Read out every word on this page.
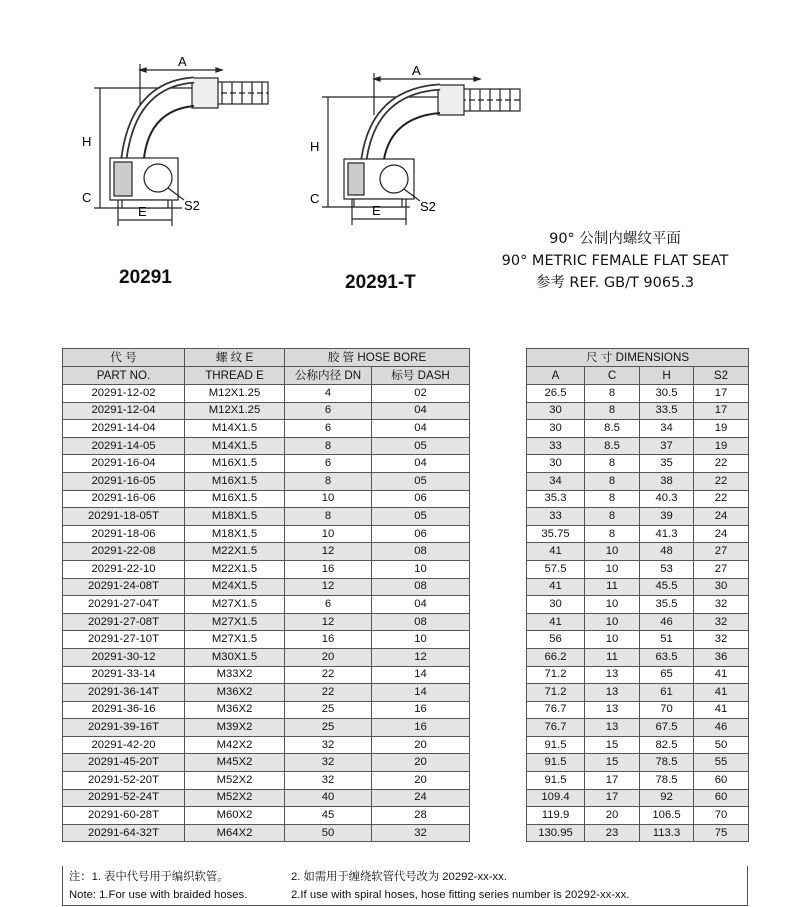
A
H
C
E	S2
A
H
C
E	S2
20291	20291-T
90° 公制内螺纹平面
90° METRIC FEMALE FLAT SEAT
参考 REF. GB/T 9065.3
代 号	螺 纹 E	胶 管 HOSE BORE			尺 寸 DIMENSIONS			
PART NO.	THREAD E	公称内径 DN	标号 DASH		A	C	H	S2
20291-12-02	M12X1.25	4	02		26.5	8	30.5	17
20291-12-04	M12X1.25	6	04		30	8	33.5	17
20291-14-04	M14X1.5	6	04		30	8.5	34	19
20291-14-05	M14X1.5	8	05		33	8.5	37	19
20291-16-04	M16X1.5	6	04		30	8	35	22
20291-16-05	M16X1.5	8	05		34	8	38	22
20291-16-06	M16X1.5	10	06		35.3	8	40.3	22
20291-18-05T	M18X1.5	8	05		33	8	39	24
20291-18-06	M18X1.5	10	06		35.75	8	41.3	24
20291-22-08	M22X1.5	12	08		41	10	48	27
20291-22-10	M22X1.5	16	10		57.5	10	53	27
20291-24-08T	M24X1.5	12	08		41	11	45.5	30
20291-27-04T	M27X1.5	6	04		30	10	35.5	32
20291-27-08T	M27X1.5	12	08		41	10	46	32
20291-27-10T	M27X1.5	16	10		56	10	51	32
20291-30-12	M30X1.5	20	12		66.2	11	63.5	36
20291-33-14	M33X2	22	14		71.2	13	65	41
20291-36-14T	M36X2	22	14		71.2	13	61	41
20291-36-16	M36X2	25	16		76.7	13	70	41
20291-39-16T	M39X2	25	16		76.7	13	67.5	46
20291-42-20	M42X2	32	20		91.5	15	82.5	50
20291-45-20T	M45X2	32	20		91.5	15	78.5	55
20291-52-20T	M52X2	32	20		91.5	17	78.5	60
20291-52-24T	M52X2	40	24		109.4	17	92	60
20291-60-28T	M60X2	45	28		119.9	20	106.5	70
20291-64-32T	M64X2	50	32		130.95	23	113.3	75
注：1. 表中代号用于编织软管。
Note: 1.For use with braided hoses.
2. 如需用于缠绕软管代号改为 20292-xx-xx.
2.If use with spiral hoses, hose fitting series number is 20292-xx-xx.
